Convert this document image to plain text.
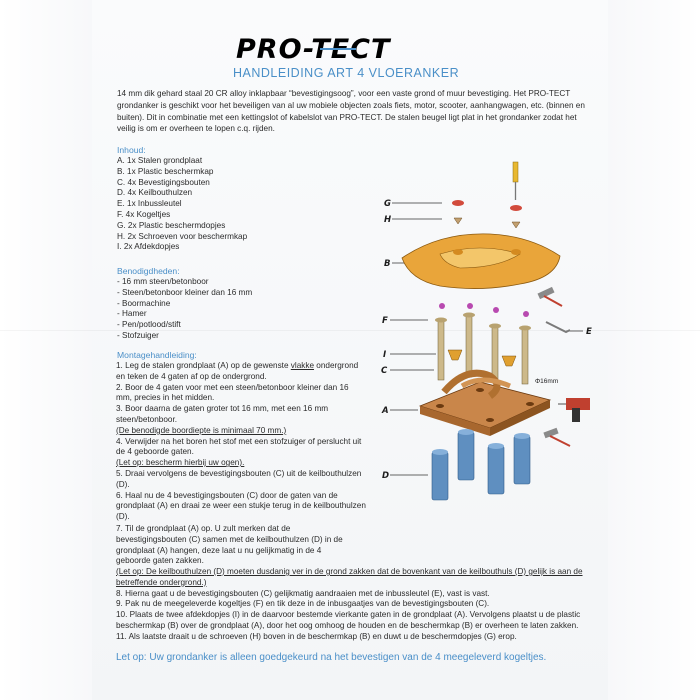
PRO-TECT
HANDLEIDING ART 4 VLOERANKER
14 mm dik gehard staal 20 CR alloy inklapbaar “bevestigingsoog”, voor een vaste grond of muur bevestiging. Het PRO-TECT grondanker is geschikt voor het beveiligen van al uw mobiele objecten zoals fiets, motor, scooter, aanhangwagen, etc. (binnen en buiten). Dit in combinatie met een kettingslot of kabelslot van PRO-TECT. De stalen beugel ligt plat in het grondanker zodat het veilig is om er overheen te lopen c.q. rijden.
Inhoud:
A. 1x Stalen grondplaat
B. 1x Plastic beschermkap
C. 4x Bevestigingsbouten
D. 4x Keilbouthulzen
E. 1x Inbussleutel
F. 4x Kogeltjes
G. 2x Plastic beschermdopjes
H. 2x Schroeven voor beschermkap
I. 2x Afdekdopjes
Benodigdheden:
- 16 mm steen/betonboor
- Steen/betonboor kleiner dan 16 mm
- Boormachine
- Hamer
- Pen/potlood/stift
- Stofzuiger
Montagehandleiding:

1. Leg de stalen grondplaat (A) op de gewenste vlakke ondergrond en teken de 4 gaten af op de ondergrond.

2. Boor de 4 gaten voor met een steen/betonboor kleiner dan 16 mm, precies in het midden.

3. Boor daarna de gaten groter tot 16 mm, met een 16 mm steen/betonboor.

(De benodigde boordiepte is minimaal 70 mm.)

4. Verwijder na het boren het stof met een stofzuiger of perslucht uit de 4 geboorde gaten.

(Let op: bescherm hierbij uw ogen).

5. Draai vervolgens de bevestigingsbouten (C) uit de keilbouthulzen (D).

6. Haal nu de 4 bevestigingsbouten (C) door de gaten van de grondplaat (A) en draai ze weer een stukje terug in de keilbouthulzen (D).

7. Til de grondplaat (A) op. U zult merken dat de bevestigingsbouten (C) samen met de keilbouthulzen (D) in de grondplaat (A) hangen, deze laat u nu gelijkmatig in de 4 geboorde gaten zakken.

(Let op: De keilbouthulzen (D) moeten dusdanig ver in de grond zakken dat de bovenkant van de keilbouthuls (D) gelijk is aan de betreffende ondergrond.)

8. Hierna gaat u de bevestigingsbouten (C) gelijkmatig aandraaien met de inbussleutel (E), vast is vast.

9. Pak nu de meegeleverde kogeltjes (F) en tik deze in de inbusgaatjes van de bevestigingsbouten (C).

10. Plaats de twee afdekdopjes (I) in de daarvoor bestemde vierkante gaten in de grondplaat (A). Vervolgens plaatst u de plastic beschermkap (B) over de grondplaat (A), door het oog omhoog de houden en de beschermkap (B) er overheen te laten zakken.

11. Als laatste draait u de schroeven (H) boven in de beschermkap (B) en duwt u de beschermdopjes (G) erop.

Let op: Uw grondanker is alleen goedgekeurd na het bevestigen van de 4 meegeleverd kogeltjes.
G
H
B
F
E
I
C
A
D
Φ16mm
